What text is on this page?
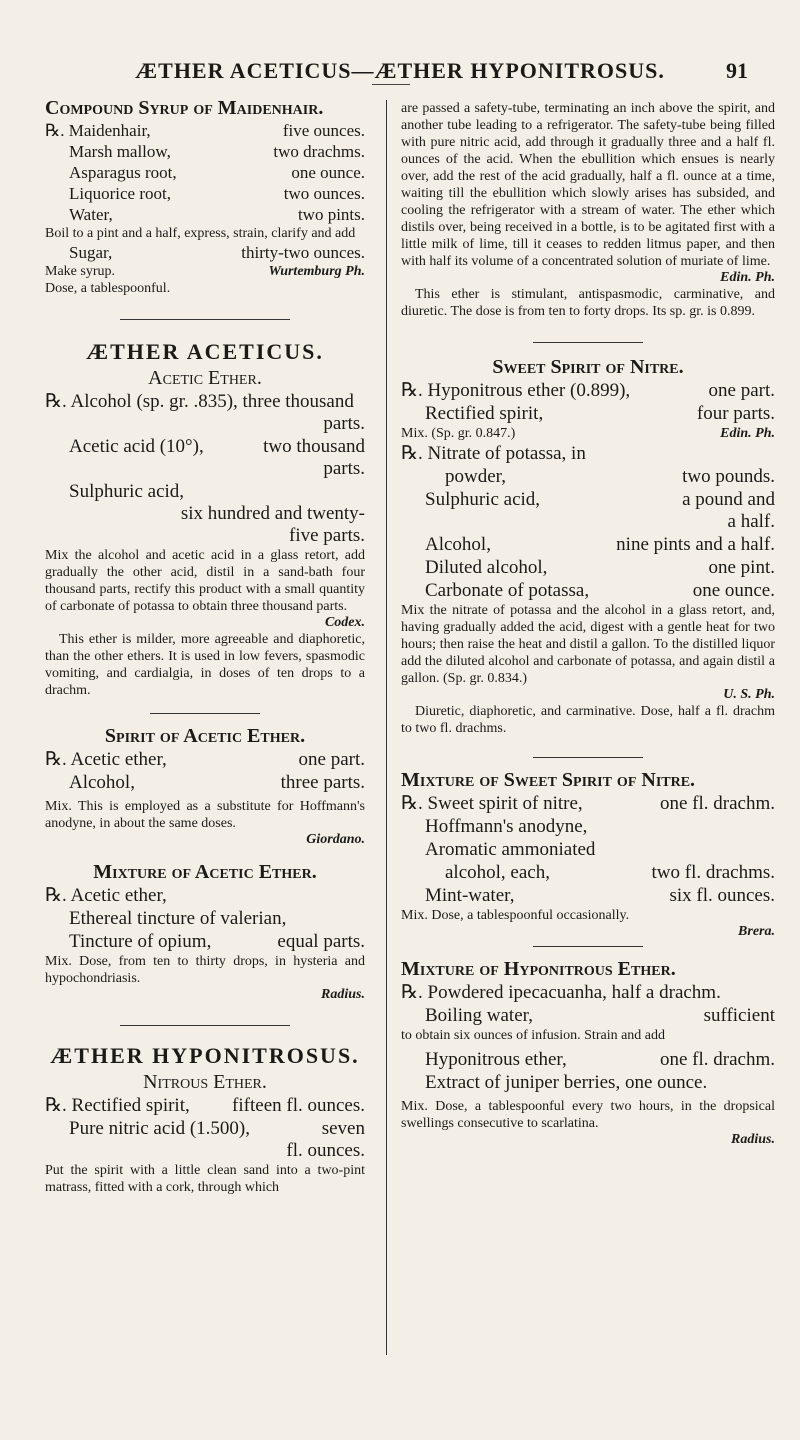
ÆTHER ACETICUS—ÆTHER HYPONITROSUS.	91
Compound Syrup of Maidenhair.
℞. Maidenhair,	five ounces.
Marsh mallow,	two drachms.
Asparagus root,	one ounce.
Liquorice root,	two ounces.
Water,	two pints.

Boil to a pint and a half, express, strain, clarify and add

Sugar,	thirty-two ounces.
Make syrup.	Wurtemburg Ph.

Dose, a tablespoonful.

ÆTHER ACETICUS.
Acetic Ether.
℞. Alcohol (sp. gr. .835), three thousand
parts.
Acetic acid (10°),	two thousand
parts.
Sulphuric acid,
six hundred and twenty-
five parts.

Mix the alcohol and acetic acid in a glass retort, add gradually the other acid, distil in a sand-bath four thousand parts, rectify this product with a small quantity of carbonate of potassa to obtain three thousand parts.

Codex.

This ether is milder, more agreeable and diaphoretic, than the other ethers. It is used in low fevers, spasmodic vomiting, and cardialgia, in doses of ten drops to a drachm.

Spirit of Acetic Ether.
℞. Acetic ether,	one part.
Alcohol,	three parts.

Mix. This is employed as a substitute for Hoffmann's anodyne, in about the same doses.

Giordano.
Mixture of Acetic Ether.
℞. Acetic ether,
Ethereal tincture of valerian,
Tincture of opium,	equal parts.

Mix. Dose, from ten to thirty drops, in hysteria and hypochondriasis.

Radius.
ÆTHER HYPONITROSUS.
Nitrous Ether.
℞. Rectified spirit, fifteen fl. ounces.
Pure nitric acid (1.500),	seven
fl. ounces.

Put the spirit with a little clean sand into a two-pint matrass, fitted with a cork, through which

are passed a safety-tube, terminating an inch above the spirit, and another tube leading to a refrigerator. The safety-tube being filled with pure nitric acid, add through it gradually three and a half fl. ounces of the acid. When the ebullition which ensues is nearly over, add the rest of the acid gradually, half a fl. ounce at a time, waiting till the ebullition which slowly arises has subsided, and cooling the refrigerator with a stream of water. The ether which distils over, being received in a bottle, is to be agitated first with a little milk of lime, till it ceases to redden litmus paper, and then with half its volume of a concentrated solution of muriate of lime.

Edin. Ph.

This ether is stimulant, antispasmodic, carminative, and diuretic. The dose is from ten to forty drops. Its sp. gr. is 0.899.

Sweet Spirit of Nitre.
℞. Hyponitrous ether (0.899),	one part.
Rectified spirit,	four parts.
Mix. (Sp. gr. 0.847.)	Edin. Ph.
℞. Nitrate of potassa, in
powder,	two pounds.
Sulphuric acid,	a pound and
a half.
Alcohol,	nine pints and a half.
Diluted alcohol,	one pint.
Carbonate of potassa,	one ounce.

Mix the nitrate of potassa and the alcohol in a glass retort, and, having gradually added the acid, digest with a gentle heat for two hours; then raise the heat and distil a gallon. To the distilled liquor add the diluted alcohol and carbonate of potassa, and again distil a gallon. (Sp. gr. 0.834.)

U. S. Ph.

Diuretic, diaphoretic, and carminative. Dose, half a fl. drachm to two fl. drachms.

Mixture of Sweet Spirit of Nitre.
℞. Sweet spirit of nitre,	one fl. drachm.
Hoffmann's anodyne,
Aromatic ammoniated
alcohol, each,	two fl. drachms.
Mint-water,	six fl. ounces.

Mix. Dose, a tablespoonful occasionally.

Brera.
Mixture of Hyponitrous Ether.
℞. Powdered ipecacuanha, half a drachm.
Boiling water,	sufficient

to obtain six ounces of infusion. Strain and add

Hyponitrous ether,	one fl. drachm.
Extract of juniper berries, one ounce.

Mix. Dose, a tablespoonful every two hours, in the dropsical swellings consecutive to scarlatina.

Radius.
